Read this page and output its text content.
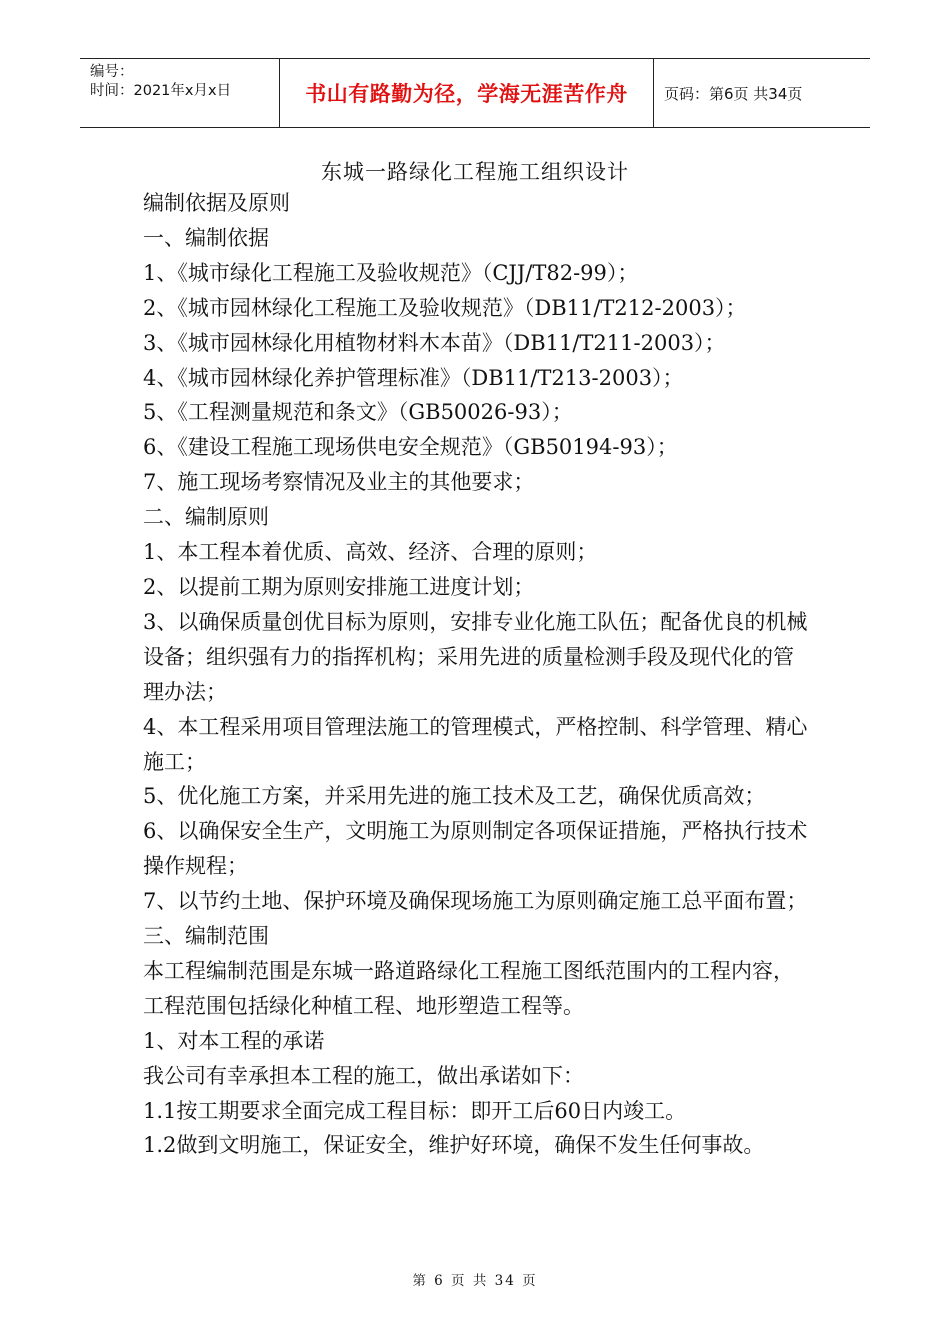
编号：
时间：2021年x月x日	书山有路勤为径，学海无涯苦作舟	页码：第6页 共34页
东城一路绿化工程施工组织设计

编制依据及原则

一、编制依据

1、《城市绿化工程施工及验收规范》（CJJ/T82-99）；

2、《城市园林绿化工程施工及验收规范》（DB11/T212-2003）；

3、《城市园林绿化用植物材料木本苗》（DB11/T211-2003）；

4、《城市园林绿化养护管理标准》（DB11/T213-2003）；

5、《工程测量规范和条文》（GB50026-93）；

6、《建设工程施工现场供电安全规范》（GB50194-93）；

7、施工现场考察情况及业主的其他要求；

二、编制原则

1、本工程本着优质、高效、经济、合理的原则；

2、以提前工期为原则安排施工进度计划；

3、以确保质量创优目标为原则，安排专业化施工队伍；配备优良的机械设备；组织强有力的指挥机构；采用先进的质量检测手段及现代化的管理办法；

4、本工程采用项目管理法施工的管理模式，严格控制、科学管理、精心施工；

5、优化施工方案，并采用先进的施工技术及工艺，确保优质高效；

6、以确保安全生产，文明施工为原则制定各项保证措施，严格执行技术操作规程；

7、以节约土地、保护环境及确保现场施工为原则确定施工总平面布置；

三、编制范围

本工程编制范围是东城一路道路绿化工程施工图纸范围内的工程内容，工程范围包括绿化种植工程、地形塑造工程等。

1、对本工程的承诺

我公司有幸承担本工程的施工，做出承诺如下：

1.1按工期要求全面完成工程目标：即开工后60日内竣工。

1.2做到文明施工，保证安全，维护好环境，确保不发生任何事故。

第 6 页 共 34 页
